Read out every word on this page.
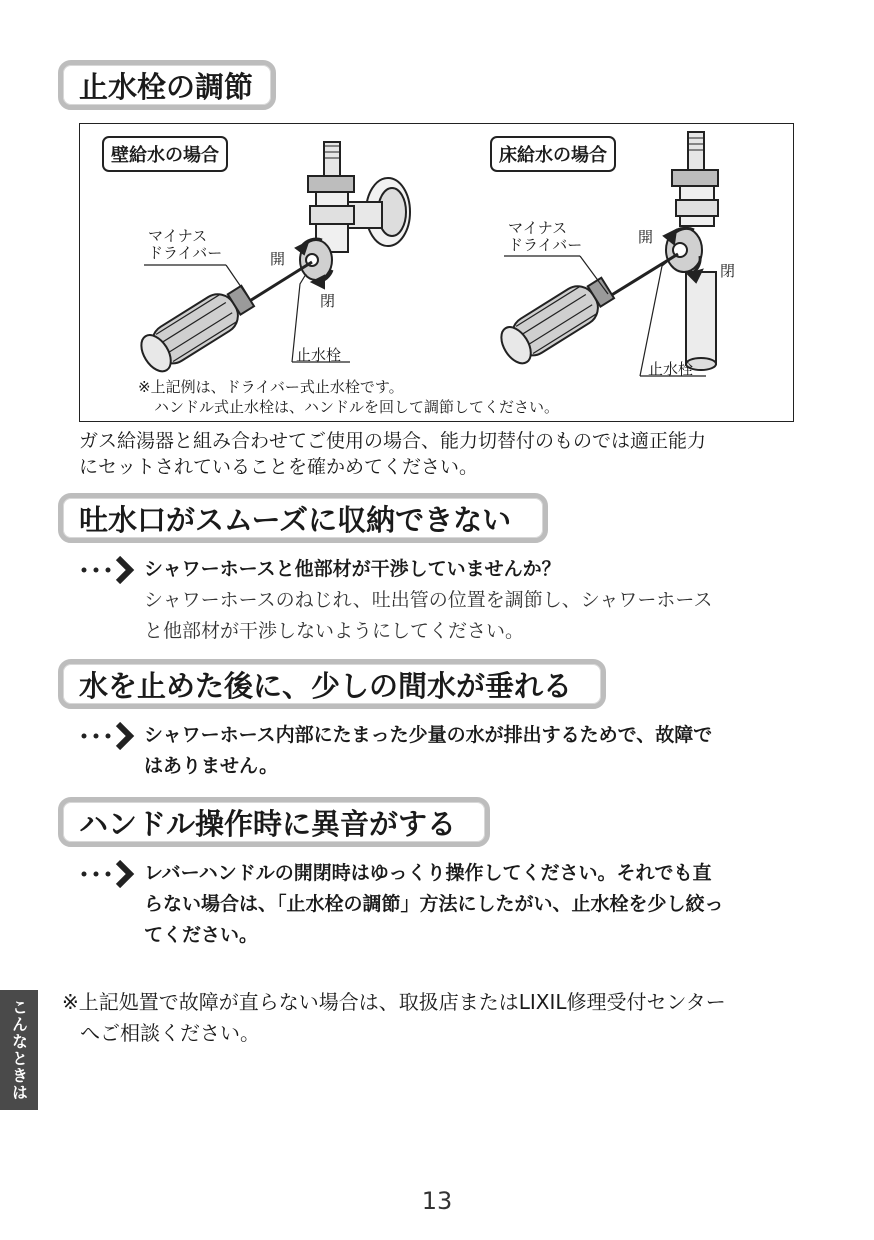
止水栓の調節
壁給水の場合
マイナス
ドライバー	開
閉
止水栓
床給水の場合
マイナス
ドライバー	開
閉
止水栓
※上記例は、ドライバー式止水栓です。
ハンドル式止水栓は、ハンドルを回して調節してください。
ガス給湯器と組み合わせてご使用の場合、能力切替付のものでは適正能力
にセットされていることを確かめてください。
吐水口がスムーズに収納できない
シャワーホースと他部材が干渉していませんか？
シャワーホースのねじれ、吐出管の位置を調節し、シャワーホース
と他部材が干渉しないようにしてください。
水を止めた後に、少しの間水が垂れる
シャワーホース内部にたまった少量の水が排出するためで、故障で
はありません。
ハンドル操作時に異音がする
レバーハンドルの開閉時はゆっくり操作してください。それでも直
らない場合は、「止水栓の調節」方法にしたがい、止水栓を少し絞っ
てください。
※上記処置で故障が直らない場合は、取扱店またはLIXIL修理受付センター
へご相談ください。
こんなときは
13
